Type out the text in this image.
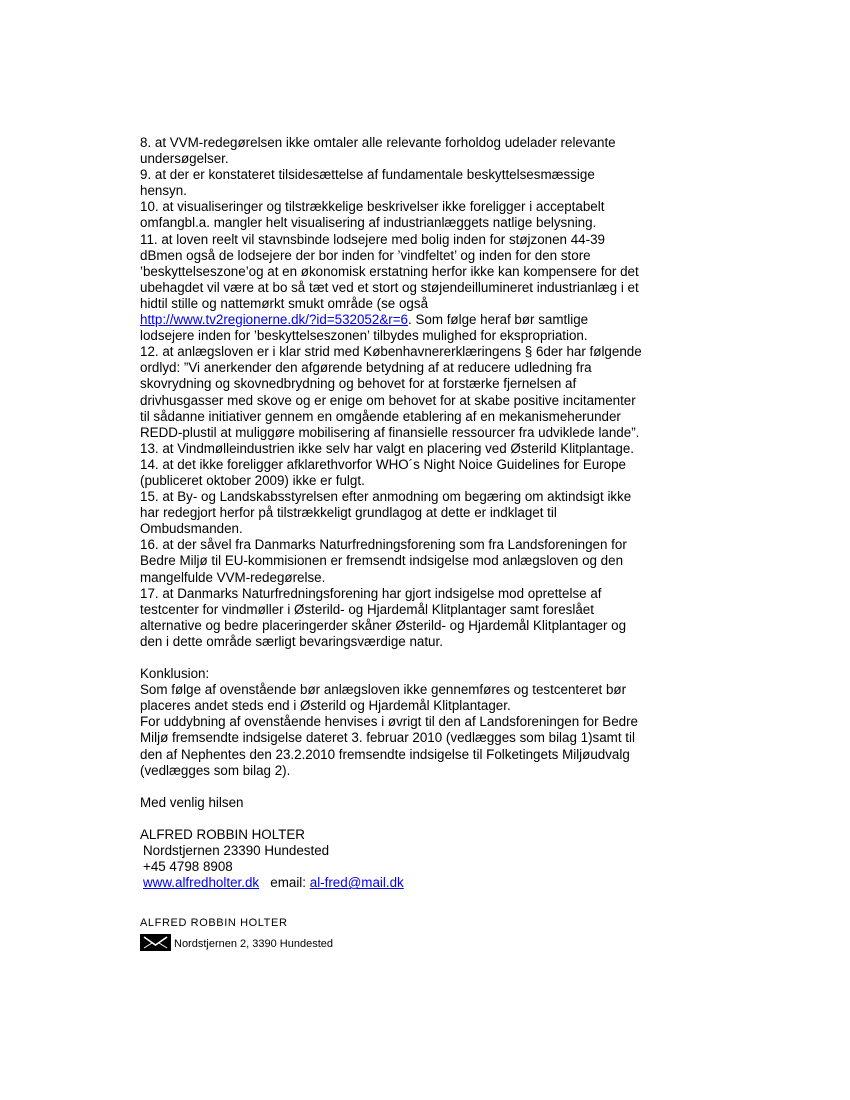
8. at VVM-redegørelsen ikke omtaler alle relevante forholdog udelader relevante

undersøgelser.

9. at der er konstateret tilsidesættelse af fundamentale beskyttelsesmæssige

hensyn.

10. at visualiseringer og tilstrækkelige beskrivelser ikke foreligger i acceptabelt

omfangbl.a. mangler helt visualisering af industrianlæggets natlige belysning.

11. at loven reelt vil stavnsbinde lodsejere med bolig inden for støjzonen 44-39

dBmen også de lodsejere der bor inden for ’vindfeltet’ og inden for den store

’beskyttelseszone’og at en økonomisk erstatning herfor ikke kan kompensere for det

ubehagdet vil være at bo så tæt ved et stort og støjendeillumineret industrianlæg i et

hidtil stille og nattemørkt smukt område (se også

http://www.tv2regionerne.dk/?id=532052&r=6. Som følge heraf bør samtlige

lodsejere inden for ’beskyttelseszonen’ tilbydes mulighed for ekspropriation.

12. at anlægsloven er i klar strid med Københavnererklæringens § 6der har følgende

ordlyd: ”Vi anerkender den afgørende betydning af at reducere udledning fra

skovrydning og skovnedbrydning og behovet for at forstærke fjernelsen af

drivhusgasser med skove og er enige om behovet for at skabe positive incitamenter

til sådanne initiativer gennem en omgående etablering af en mekanismeherunder

REDD-plustil at muliggøre mobilisering af finansielle ressourcer fra udviklede lande”.

13. at Vindmølleindustrien ikke selv har valgt en placering ved Østerild Klitplantage.

14. at det ikke foreligger afklarethvorfor WHO´s Night Noice Guidelines for Europe

(publiceret oktober 2009) ikke er fulgt.

15. at By- og Landskabsstyrelsen efter anmodning om begæring om aktindsigt ikke

har redegjort herfor på tilstrækkeligt grundlagog at dette er indklaget til

Ombudsmanden.

16. at der såvel fra Danmarks Naturfredningsforening som fra Landsforeningen for

Bedre Miljø til EU-kommisionen er fremsendt indsigelse mod anlægsloven og den

mangelfulde VVM-redegørelse.

17. at Danmarks Naturfredningsforening har gjort indsigelse mod oprettelse af

testcenter for vindmøller i Østerild- og Hjardemål Klitplantager samt foreslået

alternative og bedre placeringerder skåner Østerild- og Hjardemål Klitplantager og

den i dette område særligt bevaringsværdige natur.

Konklusion:

Som følge af ovenstående bør anlægsloven ikke gennemføres og testcenteret bør

placeres andet steds end i Østerild og Hjardemål Klitplantager.

For uddybning af ovenstående henvises i øvrigt til den af Landsforeningen for Bedre

Miljø fremsendte indsigelse dateret 3. februar 2010 (vedlægges som bilag 1)samt til

den af Nephentes den 23.2.2010 fremsendte indsigelse til Folketingets Miljøudvalg

(vedlægges som bilag 2).

Med venlig hilsen

ALFRED ROBBIN HOLTER

Nordstjernen 23390 Hundested

+45 4798 8908

www.alfredholter.dk email: al-fred@mail.dk

ALFRED ROBBIN HOLTER

Nordstjernen 2, 3390 Hundested
